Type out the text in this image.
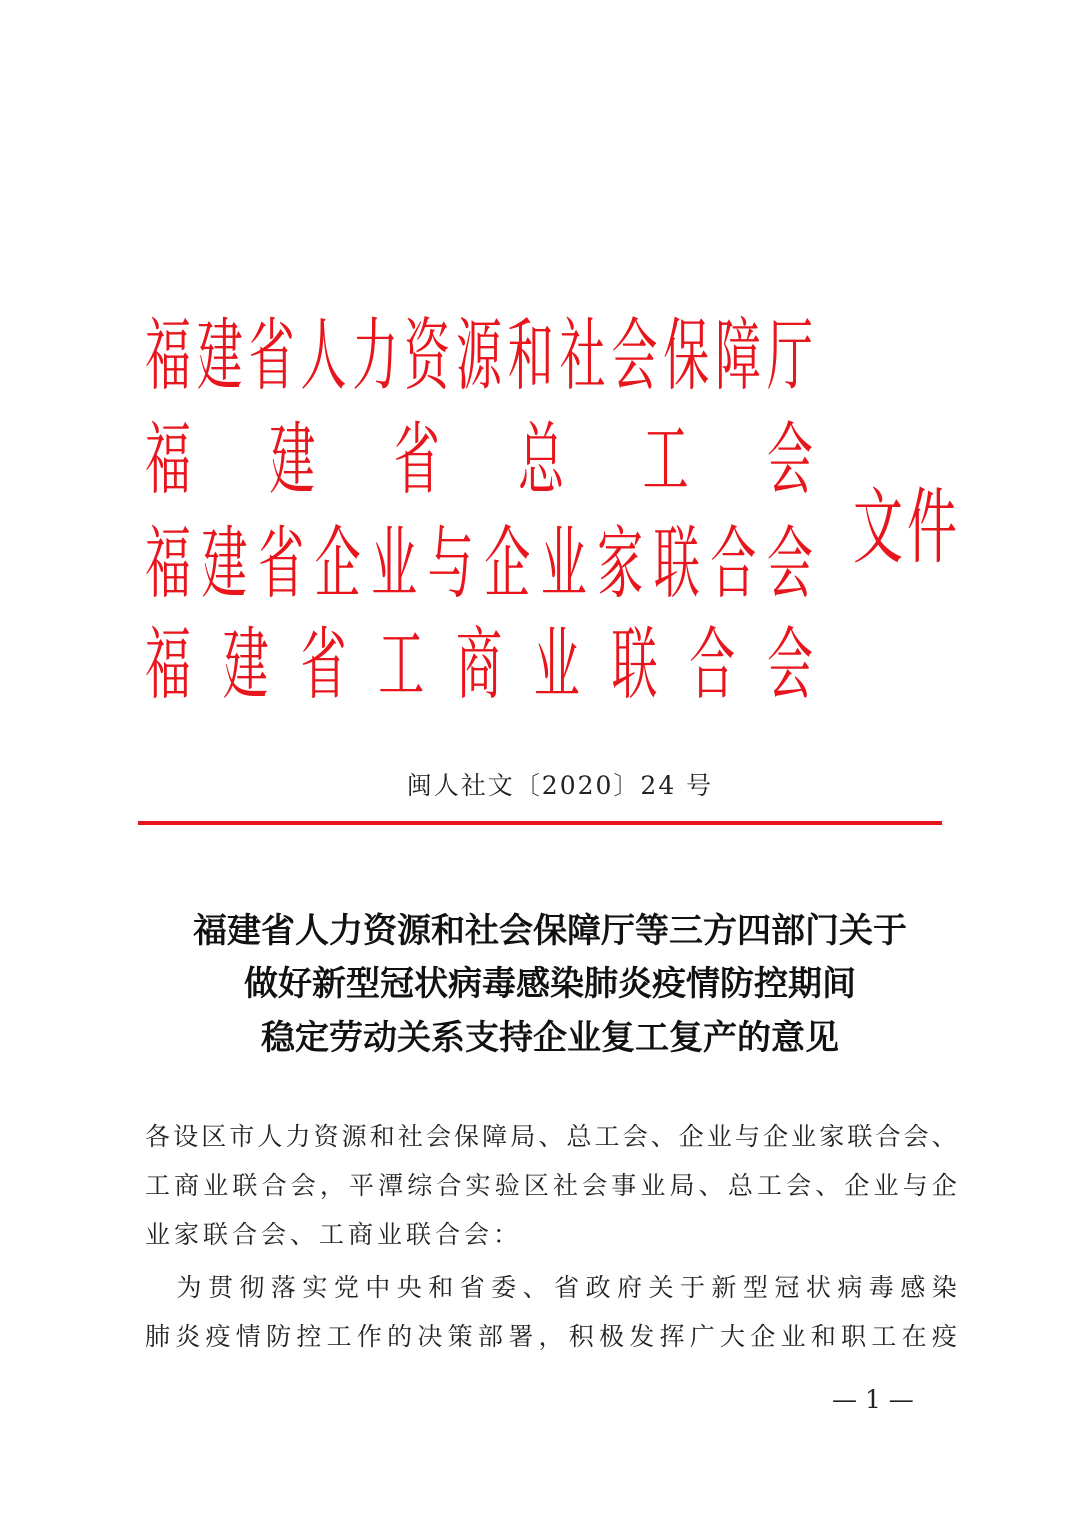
福 建 省 人 力 资 源 和 社 会 保 障 厅
福 建 省 总 工 会
福 建 省 企 业 与 企 业 家 联 合 会
福 建 省 工 商 业 联 合 会
文 件
闽人社文〔2020〕24 号
福建省人力资源和社会保障厅等三方四部门关于
做好新型冠状病毒感染肺炎疫情防控期间
稳定劳动关系支持企业复工复产的意见
各 设 区 市 人 力 资 源 和 社 会 保 障 局 、 总 工 会 、 企 业 与 企 业 家 联 合 会 、
工 商 业 联 合 会 ， 平 潭 综 合 实 验 区 社 会 事 业 局 、 总 工 会 、 企 业 与 企
业家联合会、工商业联合会：

为 贯 彻 落 实 党 中 央 和 省 委 、 省 政 府 关 于 新 型 冠 状 病 毒 感 染
肺 炎 疫 情 防 控 工 作 的 决 策 部 署 ， 积 极 发 挥 广 大 企 业 和 职 工 在 疫
— 1 —
